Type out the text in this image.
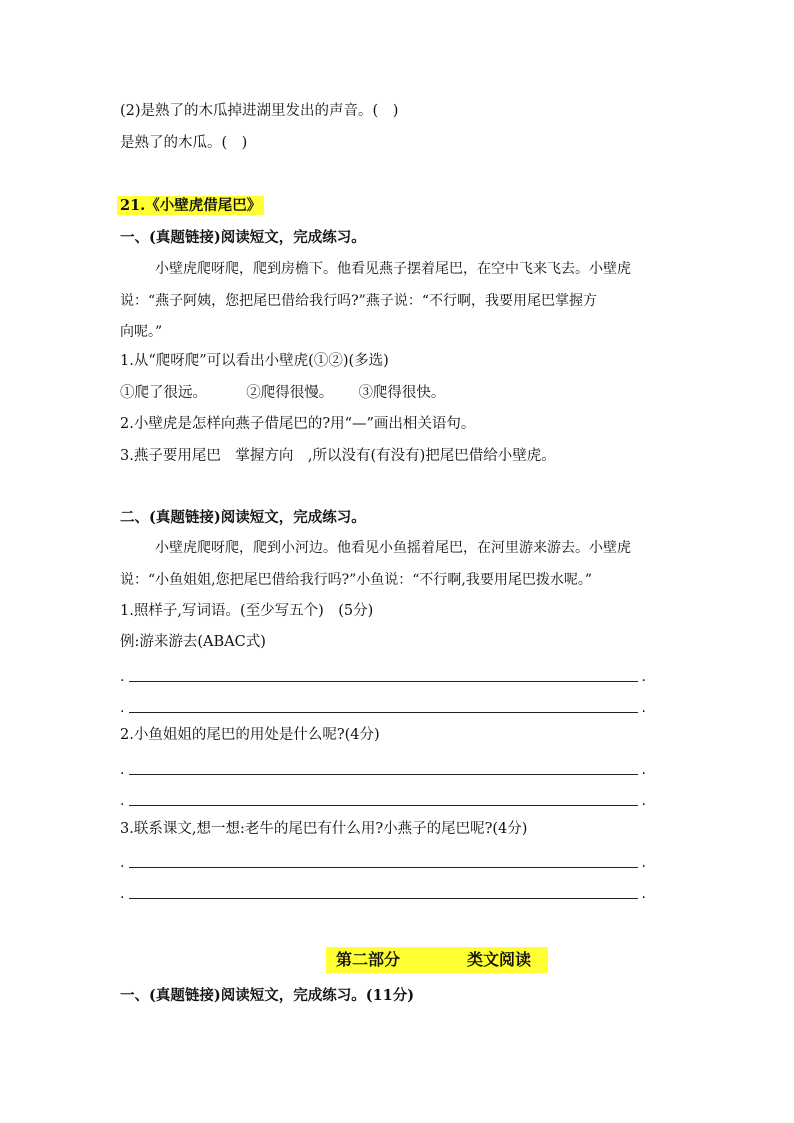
(2)是熟了的木瓜掉进湖里发出的声音。(　)
是熟了的木瓜。(　)
21.《小壁虎借尾巴》
一、(真题链接)阅读短文，完成练习。
小壁虎爬呀爬，爬到房檐下。他看见燕子摆着尾巴，在空中飞来飞去。小壁虎
说：“燕子阿姨，您把尾巴借给我行吗?”燕子说：“不行啊，我要用尾巴掌握方
向呢。”
1.从“爬呀爬”可以看出小壁虎(①②)(多选)
①爬了很远。	②爬得很慢。 ③爬得很快。
2.小壁虎是怎样向燕子借尾巴的?用“—”画出相关语句。
3.燕子要用尾巴　掌握方向　,所以没有(有没有)把尾巴借给小壁虎。
二、(真题链接)阅读短文，完成练习。
小壁虎爬呀爬，爬到小河边。他看见小鱼摇着尾巴，在河里游来游去。小壁虎
说：“小鱼姐姐,您把尾巴借给我行吗?”小鱼说：“不行啊,我要用尾巴拨水呢。”
1.照样子,写词语。(至少写五个)　(5分)
例:游来游去(ABAC式)
.	.
.	.
2.小鱼姐姐的尾巴的用处是什么呢?(4分)
.	.
.	.
3.联系课文,想一想:老牛的尾巴有什么用?小燕子的尾巴呢?(4分)
.	.
.	.
第二部分	类文阅读
一、(真题链接)阅读短文，完成练习。(11分)
